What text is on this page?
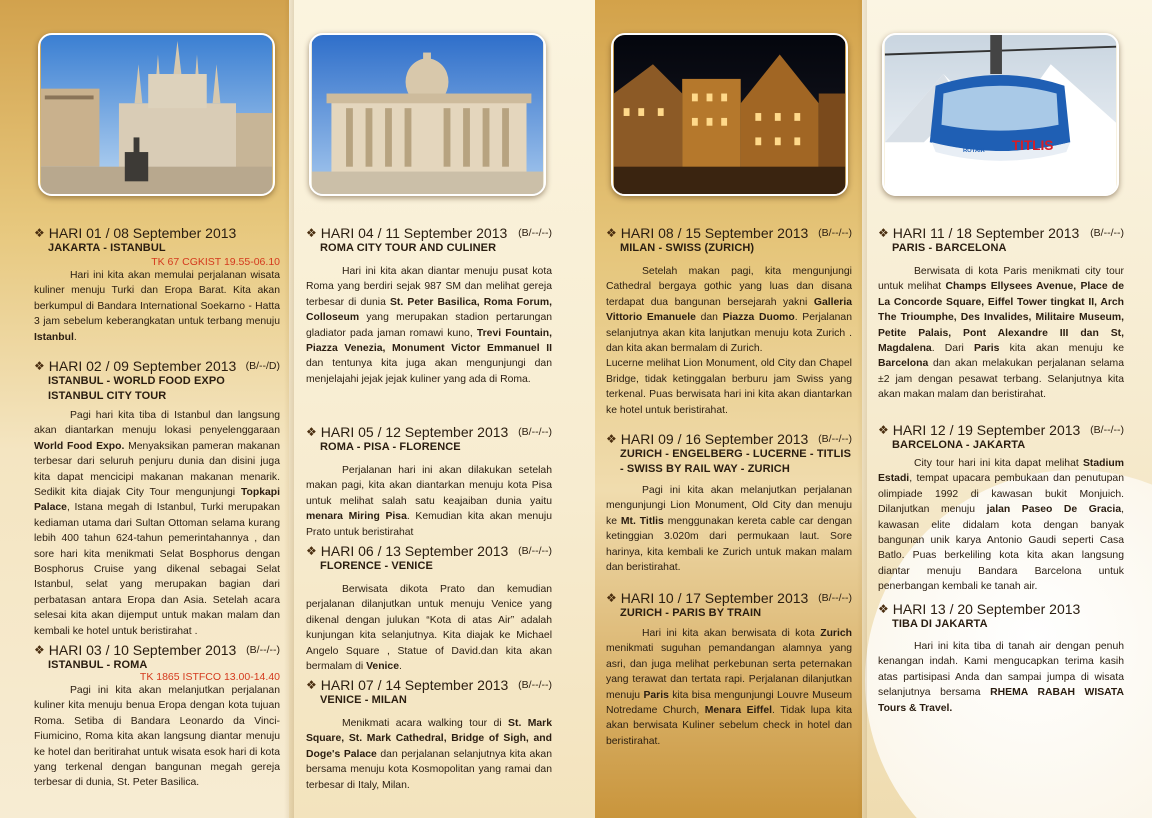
TITLIS
ROTAIR
❖ HARI 01 / 08 September 2013
JAKARTA - ISTANBUL
TK 67 CGKIST 19.55-06.10
Hari ini kita akan memulai perjalanan wisata kuliner menuju Turki dan Eropa Barat. Kita akan berkumpul di Bandara International Soekarno - Hatta 3 jam sebelum keberangkatan untuk terbang menuju Istanbul.
❖ HARI 02 / 09 September 2013 (B/--/D)
ISTANBUL - WORLD FOOD EXPO ISTANBUL CITY TOUR
Pagi hari kita tiba di Istanbul dan langsung akan diantarkan menuju lokasi penyelenggaraan World Food Expo. Menyaksikan pameran makanan terbesar dari seluruh penjuru dunia dan disini juga kita dapat mencicipi makanan makanan menarik. Sedikit kita diajak City Tour mengunjungi Topkapi Palace, Istana megah di Istanbul, Turki merupakan kediaman utama dari Sultan Ottoman selama kurang lebih 400 tahun 624-tahun pemerintahannya , dan sore hari kita menikmati Selat Bosphorus dengan Bosphorus Cruise yang dikenal sebagai Selat Istanbul, selat yang merupakan bagian dari perbatasan antara Eropa dan Asia. Setelah acara selesai kita akan dijemput untuk makan malam dan kembali ke hotel untuk beristirahat .
❖ HARI 03 / 10 September 2013 (B/--/--)
ISTANBUL - ROMA
TK 1865 ISTFCO 13.00-14.40
Pagi ini kita akan melanjutkan perjalanan kuliner kita menuju benua Eropa dengan kota tujuan Roma. Setiba di Bandara Leonardo da Vinci-Fiumicino, Roma kita akan langsung diantar menuju ke hotel dan beritirahat untuk wisata esok hari di kota yang terkenal dengan bangunan megah gereja terbesar di dunia, St. Peter Basilica.
❖ HARI 04 / 11 September 2013 (B/--/--)
ROMA CITY TOUR AND CULINER
Hari ini kita akan diantar menuju pusat kota Roma yang berdiri sejak 987 SM dan melihat gereja terbesar di dunia St. Peter Basilica, Roma Forum, Colloseum yang merupakan stadion pertarungan gladiator pada jaman romawi kuno, Trevi Fountain, Piazza Venezia, Monument Victor Emmanuel II dan tentunya kita juga akan mengunjungi dan menjelajahi jejak jejak kuliner yang ada di Roma.
❖ HARI 05 / 12 September 2013 (B/--/--)
ROMA - PISA - FLORENCE
Perjalanan hari ini akan dilakukan setelah makan pagi, kita akan diantarkan menuju kota Pisa untuk melihat salah satu keajaiban dunia yaitu menara Miring Pisa. Kemudian kita akan menuju Prato untuk beristirahat
❖ HARI 06 / 13 September 2013 (B/--/--)
FLORENCE - VENICE
Berwisata dikota Prato dan kemudian perjalanan dilanjutkan untuk menuju Venice yang dikenal dengan julukan “Kota di atas Air” adalah kunjungan kita selanjutnya. Kita diajak ke Michael Angelo Square , Statue of David.dan kita akan bermalam di Venice.
❖ HARI 07 / 14 September 2013 (B/--/--)
VENICE - MILAN
Menikmati acara walking tour di St. Mark Square, St. Mark Cathedral, Bridge of Sigh, and Doge's Palace dan perjalanan selanjutnya kita akan bersama menuju kota Kosmopolitan yang ramai dan terbesar di Italy, Milan.
❖ HARI 08 / 15 September 2013 (B/--/--)
MILAN - SWISS (ZURICH)
Setelah makan pagi, kita mengunjungi Cathedral bergaya gothic yang luas dan disana terdapat dua bangunan bersejarah yakni Galleria Vittorio Emanuele dan Piazza Duomo. Perjalanan selanjutnya akan kita lanjutkan menuju kota Zurich . dan kita akan bermalam di Zurich.
Lucerne melihat Lion Monument, old City dan Chapel Bridge, tidak ketinggalan berburu jam Swiss yang terkenal. Puas berwisata hari ini kita akan diantarkan ke hotel untuk beristirahat.
❖ HARI 09 / 16 September 2013 (B/--/--)
ZURICH - ENGELBERG - LUCERNE - TITLIS - SWISS BY RAIL WAY - ZURICH
Pagi ini kita akan melanjutkan perjalanan mengunjungi Lion Monument, Old City dan menuju ke Mt. Titlis menggunakan kereta cable car dengan ketinggian 3.020m dari permukaan laut. Sore harinya, kita kembali ke Zurich untuk makan malam dan beristirahat.
❖ HARI 10 / 17 September 2013 (B/--/--)
ZURICH - PARIS BY TRAIN
Hari ini kita akan berwisata di kota Zurich menikmati suguhan pemandangan alamnya yang asri, dan juga melihat perkebunan serta peternakan yang terawat dan tertata rapi. Perjalanan dilanjutkan menuju Paris kita bisa mengunjungi Louvre Museum Notredame Church, Menara Eiffel. Tidak lupa kita akan berwisata Kuliner sebelum check in hotel dan beristirahat.
❖ HARI 11 / 18 September 2013 (B/--/--)
PARIS - BARCELONA
Berwisata di kota Paris menikmati city tour untuk melihat Champs Ellysees Avenue, Place de La Concorde Square, Eiffel Tower tingkat II, Arch The Trioumphe, Des Invalides, Militaire Museum, Petite Palais, Pont Alexandre III dan St, Magdalena. Dari Paris kita akan menuju ke Barcelona dan akan melakukan perjalanan selama ±2 jam dengan pesawat terbang. Selanjutnya kita akan makan malam dan beristirahat.
❖ HARI 12 / 19 September 2013 (B/--/--)
BARCELONA - JAKARTA
City tour hari ini kita dapat melihat Stadium Estadi, tempat upacara pembukaan dan penutupan olimpiade 1992 di kawasan bukit Monjuich. Dilanjutkan menuju jalan Paseo De Gracia, kawasan elite didalam kota dengan banyak bangunan unik karya Antonio Gaudi seperti Casa Batlo. Puas berkeliling kota kita akan langsung diantar menuju Bandara Barcelona untuk penerbangan kembali ke tanah air.
❖ HARI 13 / 20 September 2013
TIBA DI JAKARTA
Hari ini kita tiba di tanah air dengan penuh kenangan indah. Kami mengucapkan terima kasih atas partisipasi Anda dan sampai jumpa di wisata selanjutnya bersama RHEMA RABAH WISATA Tours & Travel.
